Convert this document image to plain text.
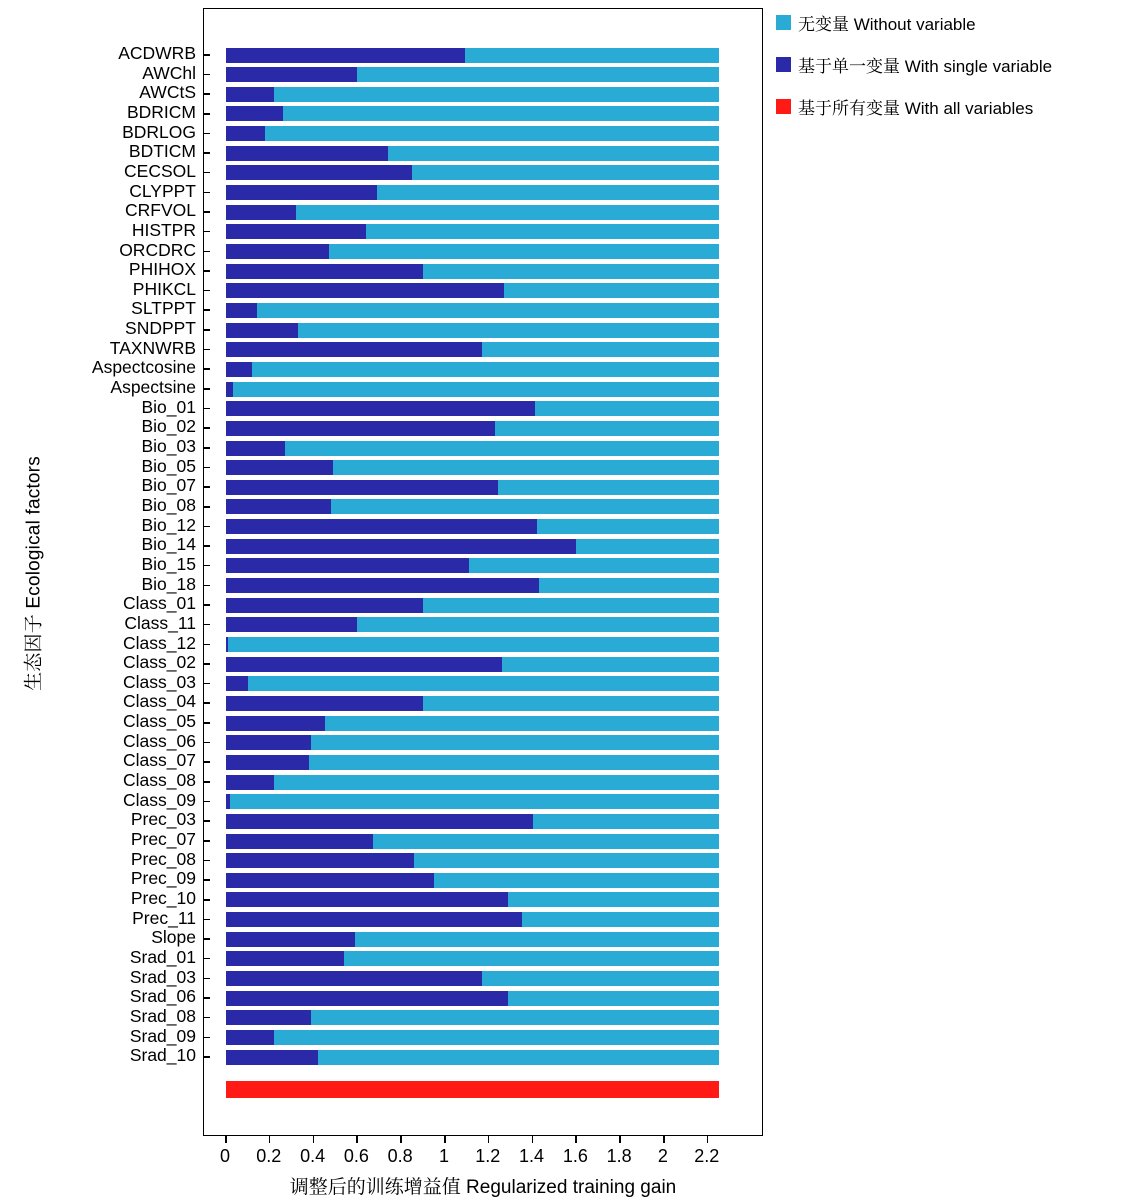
生态因子 Ecological factors
ACDWRB
AWChl
AWCtS
BDRICM
BDRLOG
BDTICM
CECSOL
CLYPPT
CRFVOL
HISTPR
ORCDRC
PHIHOX
PHIKCL
SLTPPT
SNDPPT
TAXNWRB
Aspectcosine
Aspectsine
Bio_01
Bio_02
Bio_03
Bio_05
Bio_07
Bio_08
Bio_12
Bio_14
Bio_15
Bio_18
Class_01
Class_11
Class_12
Class_02
Class_03
Class_04
Class_05
Class_06
Class_07
Class_08
Class_09
Prec_03
Prec_07
Prec_08
Prec_09
Prec_10
Prec_11
Slope
Srad_01
Srad_03
Srad_06
Srad_08
Srad_09
Srad_10
0	0.2	0.4	0.6	0.8	1	1.2	1.4	1.6	1.8	2	2.2
调整后的训练增益值 Regularized training gain
无变量 Without variable
基于单一变量 With single variable
基于所有变量 With all variables
